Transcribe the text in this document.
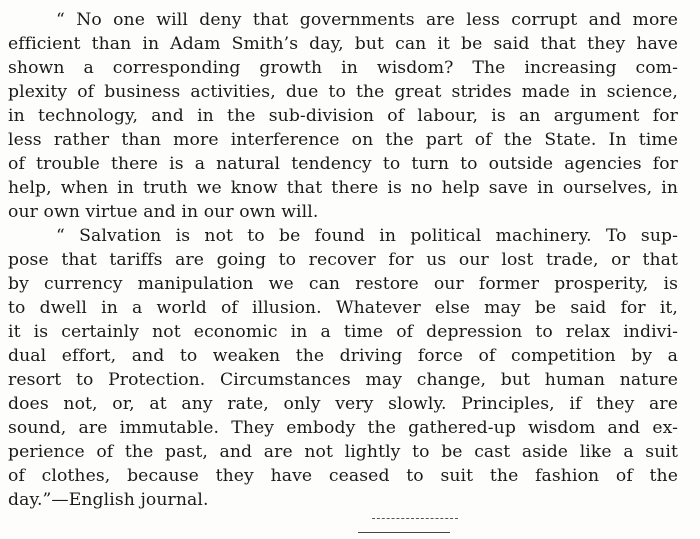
“ No one will deny that governments are less corrupt and more
efficient than in Adam Smith’s day, but can it be said that they have
shown a corresponding growth in wisdom? The increasing com-
plexity of business activities, due to the great strides made in science,
in technology, and in the sub-division of labour, is an argument for
less rather than more interference on the part of the State. In time
of trouble there is a natural tendency to turn to outside agencies for
help, when in truth we know that there is no help save in ourselves, in
our own virtue and in our own will.
“ Salvation is not to be found in political machinery. To sup-
pose that tariffs are going to recover for us our lost trade, or that
by currency manipulation we can restore our former prosperity, is
to dwell in a world of illusion. Whatever else may be said for it,
it is certainly not economic in a time of depression to relax indivi-
dual effort, and to weaken the driving force of competition by a
resort to Protection. Circumstances may change, but human nature
does not, or, at any rate, only very slowly. Principles, if they are
sound, are immutable. They embody the gathered-up wisdom and ex-
perience of the past, and are not lightly to be cast aside like a suit
of clothes, because they have ceased to suit the fashion of the
day.”—English journal.
